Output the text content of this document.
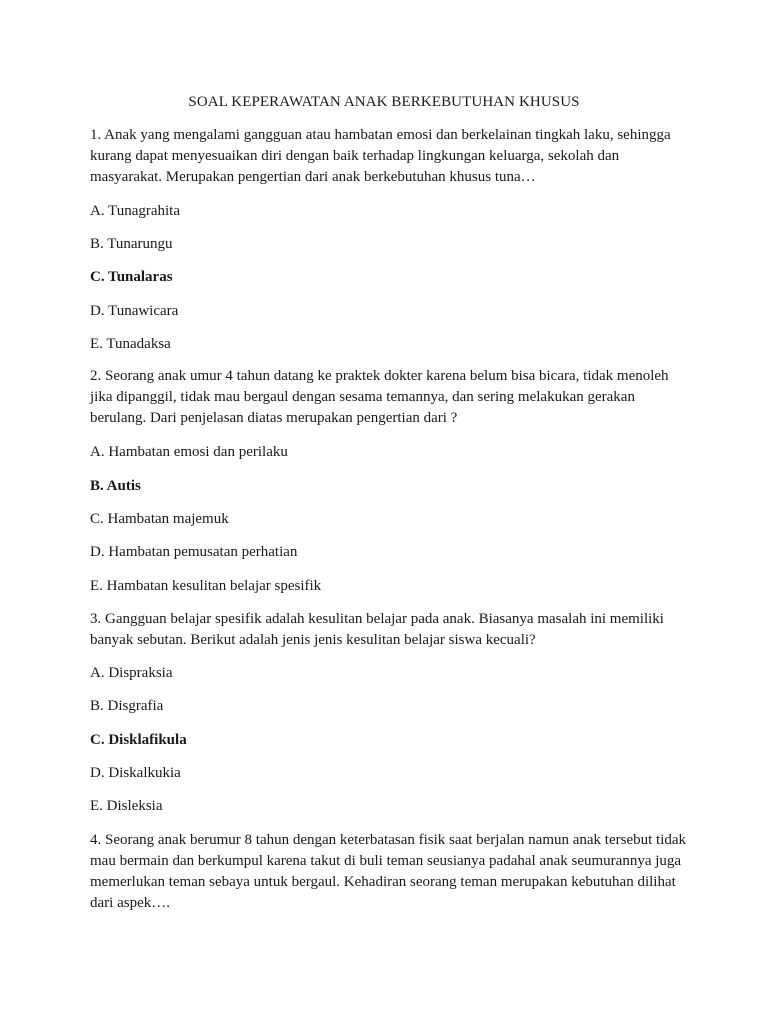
SOAL KEPERAWATAN ANAK BERKEBUTUHAN KHUSUS
1. Anak yang mengalami gangguan atau hambatan emosi dan berkelainan tingkah laku, sehingga kurang dapat menyesuaikan diri dengan baik terhadap lingkungan keluarga, sekolah dan masyarakat. Merupakan pengertian dari anak berkebutuhan khusus tuna…
A. Tunagrahita
B. Tunarungu
C. Tunalaras
D. Tunawicara
E. Tunadaksa
2. Seorang anak umur 4 tahun datang ke praktek dokter karena belum bisa bicara, tidak menoleh jika dipanggil, tidak mau bergaul dengan sesama temannya, dan sering melakukan gerakan berulang. Dari penjelasan diatas merupakan pengertian dari ?
A. Hambatan emosi dan perilaku
B. Autis
C. Hambatan majemuk
D. Hambatan pemusatan perhatian
E. Hambatan kesulitan belajar spesifik
3. Gangguan belajar spesifik adalah kesulitan belajar pada anak. Biasanya masalah ini memiliki banyak sebutan. Berikut adalah jenis jenis kesulitan belajar siswa kecuali?
A. Dispraksia
B. Disgrafia
C. Disklafikula
D. Diskalkukia
E. Disleksia
4. Seorang anak berumur 8 tahun dengan keterbatasan fisik saat berjalan namun anak tersebut tidak mau bermain dan berkumpul karena takut di buli teman seusianya padahal anak seumurannya juga memerlukan teman sebaya untuk bergaul. Kehadiran seorang teman merupakan kebutuhan dilihat dari aspek….
